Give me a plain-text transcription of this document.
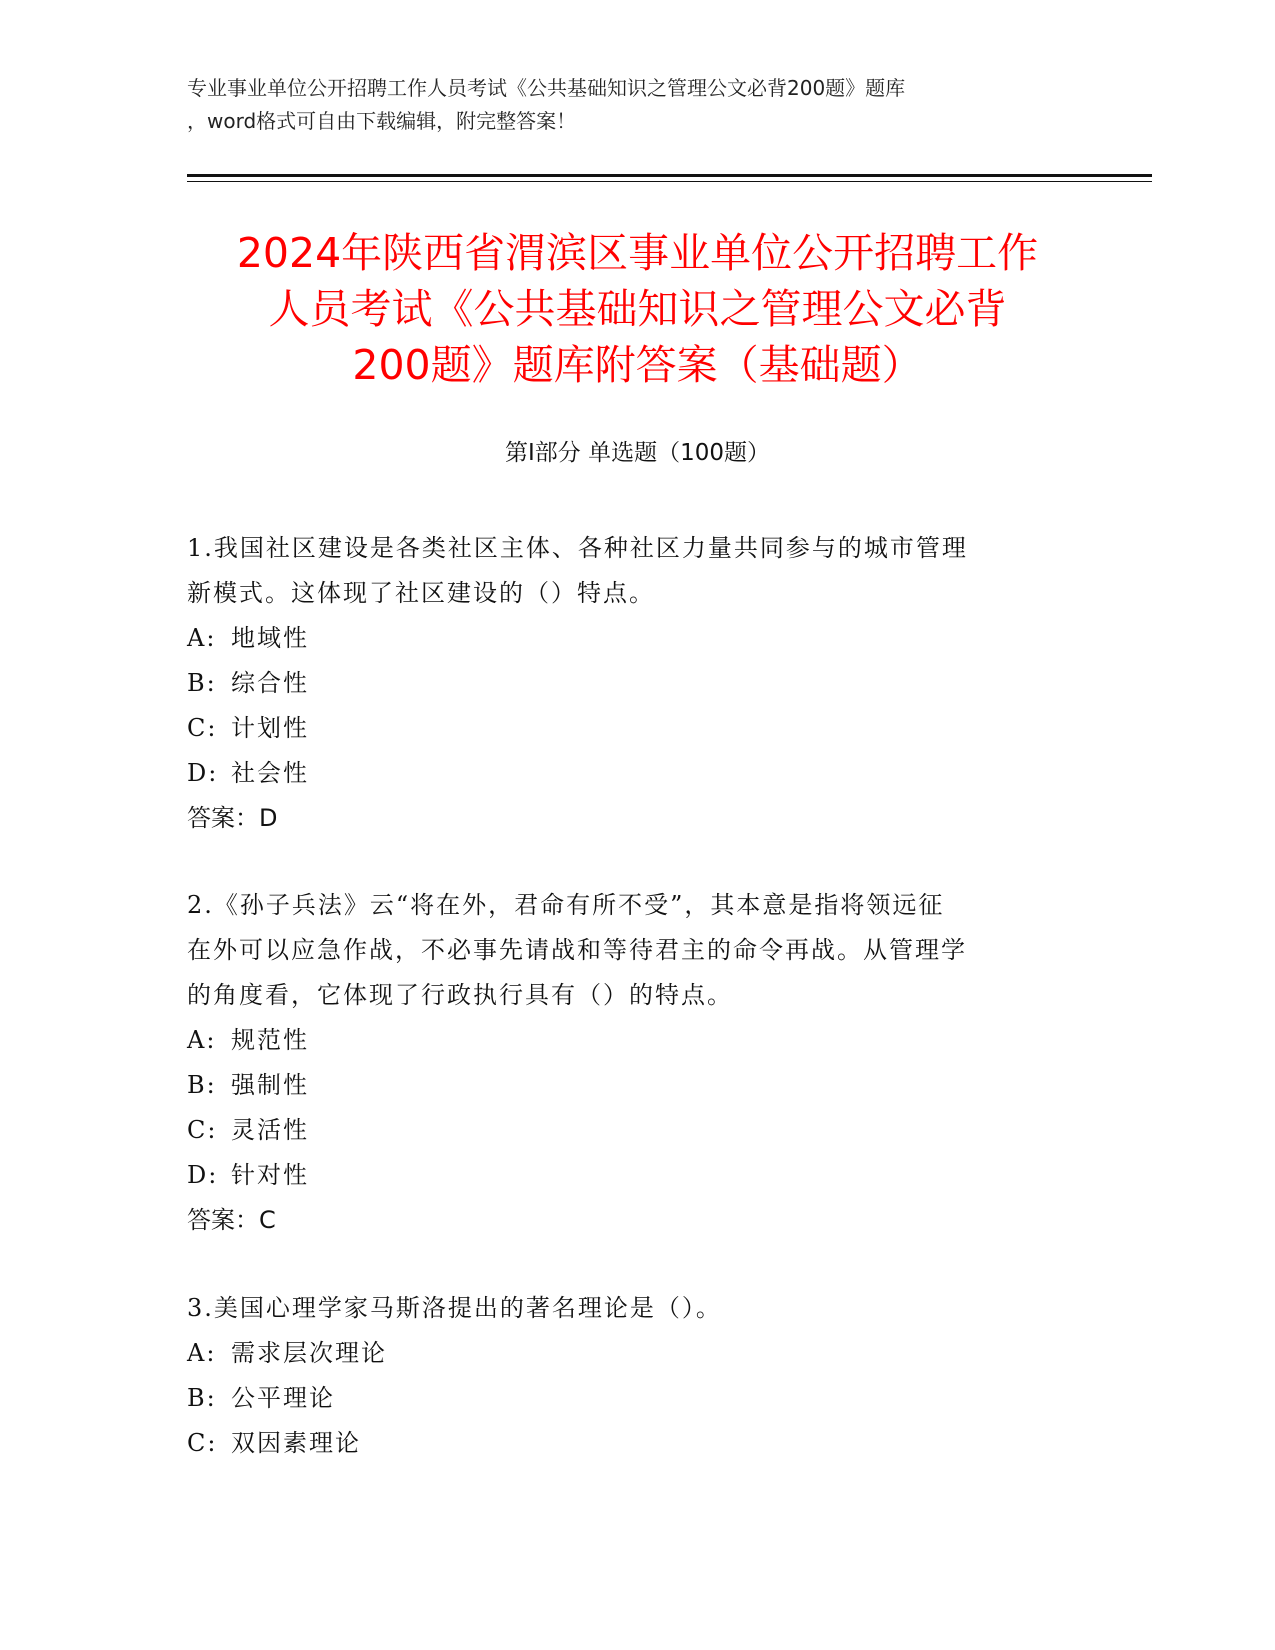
专业事业单位公开招聘工作人员考试《公共基础知识之管理公文必背200题》题库
，word格式可自由下载编辑，附完整答案！
2024年陕西省渭滨区事业单位公开招聘工作
人员考试《公共基础知识之管理公文必背
200题》题库附答案（基础题）
第Ⅰ部分 单选题（100题）
1.我国社区建设是各类社区主体、各种社区力量共同参与的城市管理
新模式。这体现了社区建设的（）特点。
A: 地域性
B: 综合性
C: 计划性
D: 社会性
答案：D
2.《孙子兵法》云“将在外，君命有所不受”，其本意是指将领远征
在外可以应急作战，不必事先请战和等待君主的命令再战。从管理学
的角度看，它体现了行政执行具有（）的特点。
A: 规范性
B: 强制性
C: 灵活性
D: 针对性
答案：C
3.美国心理学家马斯洛提出的著名理论是（）。
A: 需求层次理论
B: 公平理论
C: 双因素理论
